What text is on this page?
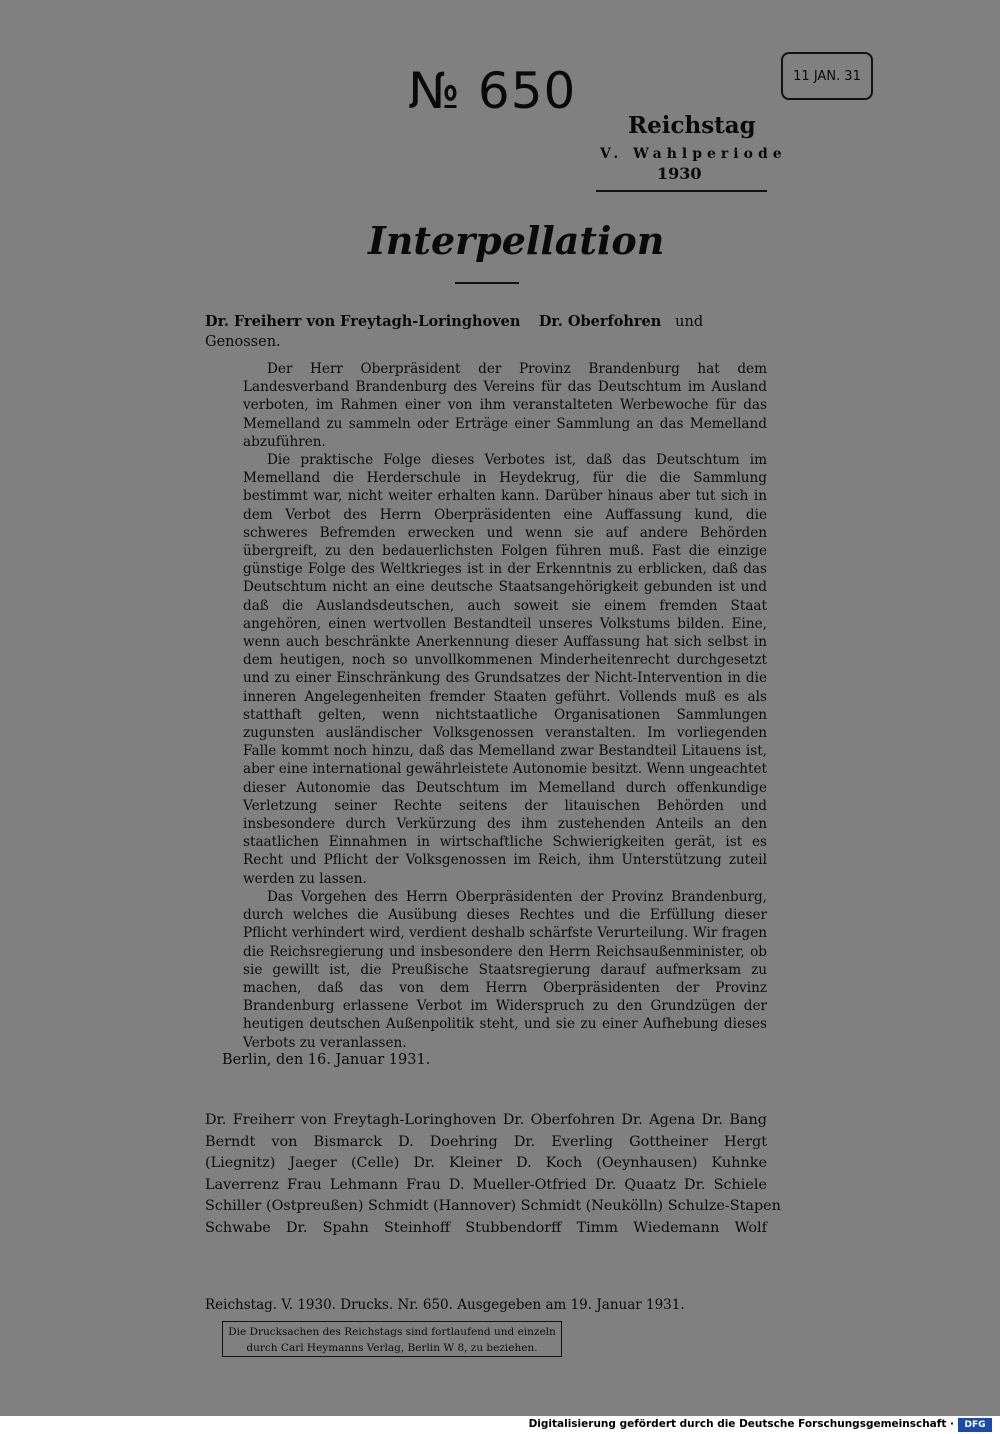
№ 650	11 JAN. 31
Reichstag
V. Wahlperiode
1930
Interpellation
Dr. Freiherr von Freytagh-Loringhoven Dr. Oberfohren und
Genossen.

Der Herr Oberpräsident der Provinz Brandenburg hat dem Landesverband Brandenburg des Vereins für das Deutschtum im Ausland verboten, im Rahmen einer von ihm veranstalteten Werbewoche für das Memelland zu sammeln oder Erträge einer Sammlung an das Memelland abzuführen.

Die praktische Folge dieses Verbotes ist, daß das Deutschtum im Memelland die Herderschule in Heydekrug, für die die Sammlung bestimmt war, nicht weiter erhalten kann. Darüber hinaus aber tut sich in dem Verbot des Herrn Oberpräsidenten eine Auffassung kund, die schweres Befremden erwecken und wenn sie auf andere Behörden übergreift, zu den bedauerlichsten Folgen führen muß. Fast die einzige günstige Folge des Weltkrieges ist in der Erkenntnis zu erblicken, daß das Deutschtum nicht an eine deutsche Staatsangehörigkeit gebunden ist und daß die Auslandsdeutschen, auch soweit sie einem fremden Staat angehören, einen wertvollen Bestandteil unseres Volkstums bilden. Eine, wenn auch beschränkte Anerkennung dieser Auffassung hat sich selbst in dem heutigen, noch so unvollkommenen Minderheitenrecht durchgesetzt und zu einer Einschränkung des Grundsatzes der Nicht-Intervention in die inneren Angelegenheiten fremder Staaten geführt. Vollends muß es als statthaft gelten, wenn nichtstaatliche Organisationen Sammlungen zugunsten ausländischer Volksgenossen veranstalten. Im vorliegenden Falle kommt noch hinzu, daß das Memelland zwar Bestandteil Litauens ist, aber eine international gewährleistete Autonomie besitzt. Wenn ungeachtet dieser Autonomie das Deutschtum im Memelland durch offenkundige Verletzung seiner Rechte seitens der litauischen Behörden und insbesondere durch Verkürzung des ihm zustehenden Anteils an den staatlichen Einnahmen in wirtschaftliche Schwierigkeiten gerät, ist es Recht und Pflicht der Volksgenossen im Reich, ihm Unterstützung zuteil werden zu lassen.

Das Vorgehen des Herrn Oberpräsidenten der Provinz Brandenburg, durch welches die Ausübung dieses Rechtes und die Erfüllung dieser Pflicht verhindert wird, verdient deshalb schärfste Verurteilung. Wir fragen die Reichsregierung und insbesondere den Herrn Reichsaußenminister, ob sie gewillt ist, die Preußische Staatsregierung darauf aufmerksam zu machen, daß das von dem Herrn Oberpräsidenten der Provinz Brandenburg erlassene Verbot im Widerspruch zu den Grundzügen der heutigen deutschen Außenpolitik steht, und sie zu einer Aufhebung dieses Verbots zu veranlassen.

Berlin, den 16. Januar 1931.
Dr. Freiherr von Freytagh-Loringhoven Dr. Oberfohren Dr. Agena Dr. Bang
Berndt von Bismarck D. Doehring Dr. Everling Gottheiner Hergt
(Liegnitz) Jaeger (Celle) Dr. Kleiner D. Koch (Oeynhausen) Kuhnke
Laverrenz Frau Lehmann Frau D. Mueller-Otfried Dr. Quaatz Dr. Schiele
Schiller (Ostpreußen) Schmidt (Hannover) Schmidt (Neukölln) Schulze-Stapen
Schwabe Dr. Spahn Steinhoff Stubbendorff Timm Wiedemann Wolf
Reichstag. V. 1930. Drucks. Nr. 650. Ausgegeben am 19. Januar 1931.
Die Drucksachen des Reichstags sind fortlaufend und einzeln
durch Carl Heymanns Verlag, Berlin W 8, zu beziehen.
Digitalisierung gefördert durch die Deutsche Forschungsgemeinschaft ·	DFG
